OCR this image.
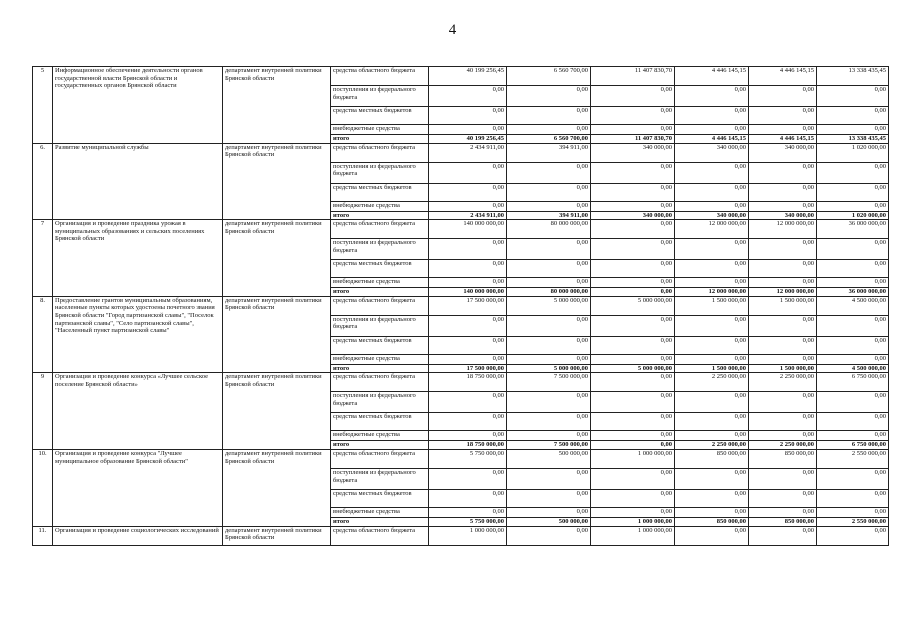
4
5	Информационное обеспечение деятельности органов государственной власти Брянской области и государственных органов Брянской области	департамент внутренней политики Брянской области	средства областного бюджета	40 199 256,45	6 560 700,00	11 407 830,70	4 446 145,15	4 446 145,15	13 338 435,45
			поступления из федерального бюджета	0,00	0,00	0,00	0,00	0,00	0,00
			средства местных бюджетов	0,00	0,00	0,00	0,00	0,00	0,00
			внебюджетные средства	0,00	0,00	0,00	0,00	0,00	0,00
			итого	40 199 256,45	6 560 700,00	11 407 830,70	4 446 145,15	4 446 145,15	13 338 435,45
6.	Развитие муниципальной службы	департамент внутренней политики Брянской области	средства областного бюджета	2 434 911,00	394 911,00	340 000,00	340 000,00	340 000,00	1 020 000,00
			поступления из федерального бюджета	0,00	0,00	0,00	0,00	0,00	0,00
			средства местных бюджетов	0,00	0,00	0,00	0,00	0,00	0,00
			внебюджетные средства	0,00	0,00	0,00	0,00	0,00	0,00
			итого	2 434 911,00	394 911,00	340 000,00	340 000,00	340 000,00	1 020 000,00
7	Организация и проведение праздника урожая в муниципальных образованиях и сельских поселениях Брянской области	департамент внутренней политики Брянской области	средства областного бюджета	140 000 000,00	80 000 000,00	0,00	12 000 000,00	12 000 000,00	36 000 000,00
			поступления из федерального бюджета	0,00	0,00	0,00	0,00	0,00	0,00
			средства местных бюджетов	0,00	0,00	0,00	0,00	0,00	0,00
			внебюджетные средства	0,00	0,00	0,00	0,00	0,00	0,00
			итого	140 000 000,00	80 000 000,00	0,00	12 000 000,00	12 000 000,00	36 000 000,00
8.	Предоставление грантов муниципальным образованиям, населенные пункты которых удостоены почетного звания Брянской области "Город партизанской славы", "Поселок партизанской славы", "Село партизанской славы", "Населенный пункт партизанской славы"	департамент внутренней политики Брянской области	средства областного бюджета	17 500 000,00	5 000 000,00	5 000 000,00	1 500 000,00	1 500 000,00	4 500 000,00
			поступления из федерального бюджета	0,00	0,00	0,00	0,00	0,00	0,00
			средства местных бюджетов	0,00	0,00	0,00	0,00	0,00	0,00
			внебюджетные средства	0,00	0,00	0,00	0,00	0,00	0,00
			итого	17 500 000,00	5 000 000,00	5 000 000,00	1 500 000,00	1 500 000,00	4 500 000,00
9	Организация и проведение конкурса «Лучшее сельское поселение Брянской области»	департамент внутренней политики Брянской области	средства областного бюджета	18 750 000,00	7 500 000,00	0,00	2 250 000,00	2 250 000,00	6 750 000,00
			поступления из федерального бюджета	0,00	0,00	0,00	0,00	0,00	0,00
			средства местных бюджетов	0,00	0,00	0,00	0,00	0,00	0,00
			внебюджетные средства	0,00	0,00	0,00	0,00	0,00	0,00
			итого	18 750 000,00	7 500 000,00	0,00	2 250 000,00	2 250 000,00	6 750 000,00
10.	Организация и проведение конкурса "Лучшее муниципальное образование Брянской области"	департамент внутренней политики Брянской области	средства областного бюджета	5 750 000,00	500 000,00	1 000 000,00	850 000,00	850 000,00	2 550 000,00
			поступления из федерального бюджета	0,00	0,00	0,00	0,00	0,00	0,00
			средства местных бюджетов	0,00	0,00	0,00	0,00	0,00	0,00
			внебюджетные средства	0,00	0,00	0,00	0,00	0,00	0,00
			итого	5 750 000,00	500 000,00	1 000 000,00	850 000,00	850 000,00	2 550 000,00
11.	Организация и проведение социологических исследований	департамент внутренней политики Брянской области	средства областного бюджета	1 000 000,00	0,00	1 000 000,00	0,00	0,00	0,00
